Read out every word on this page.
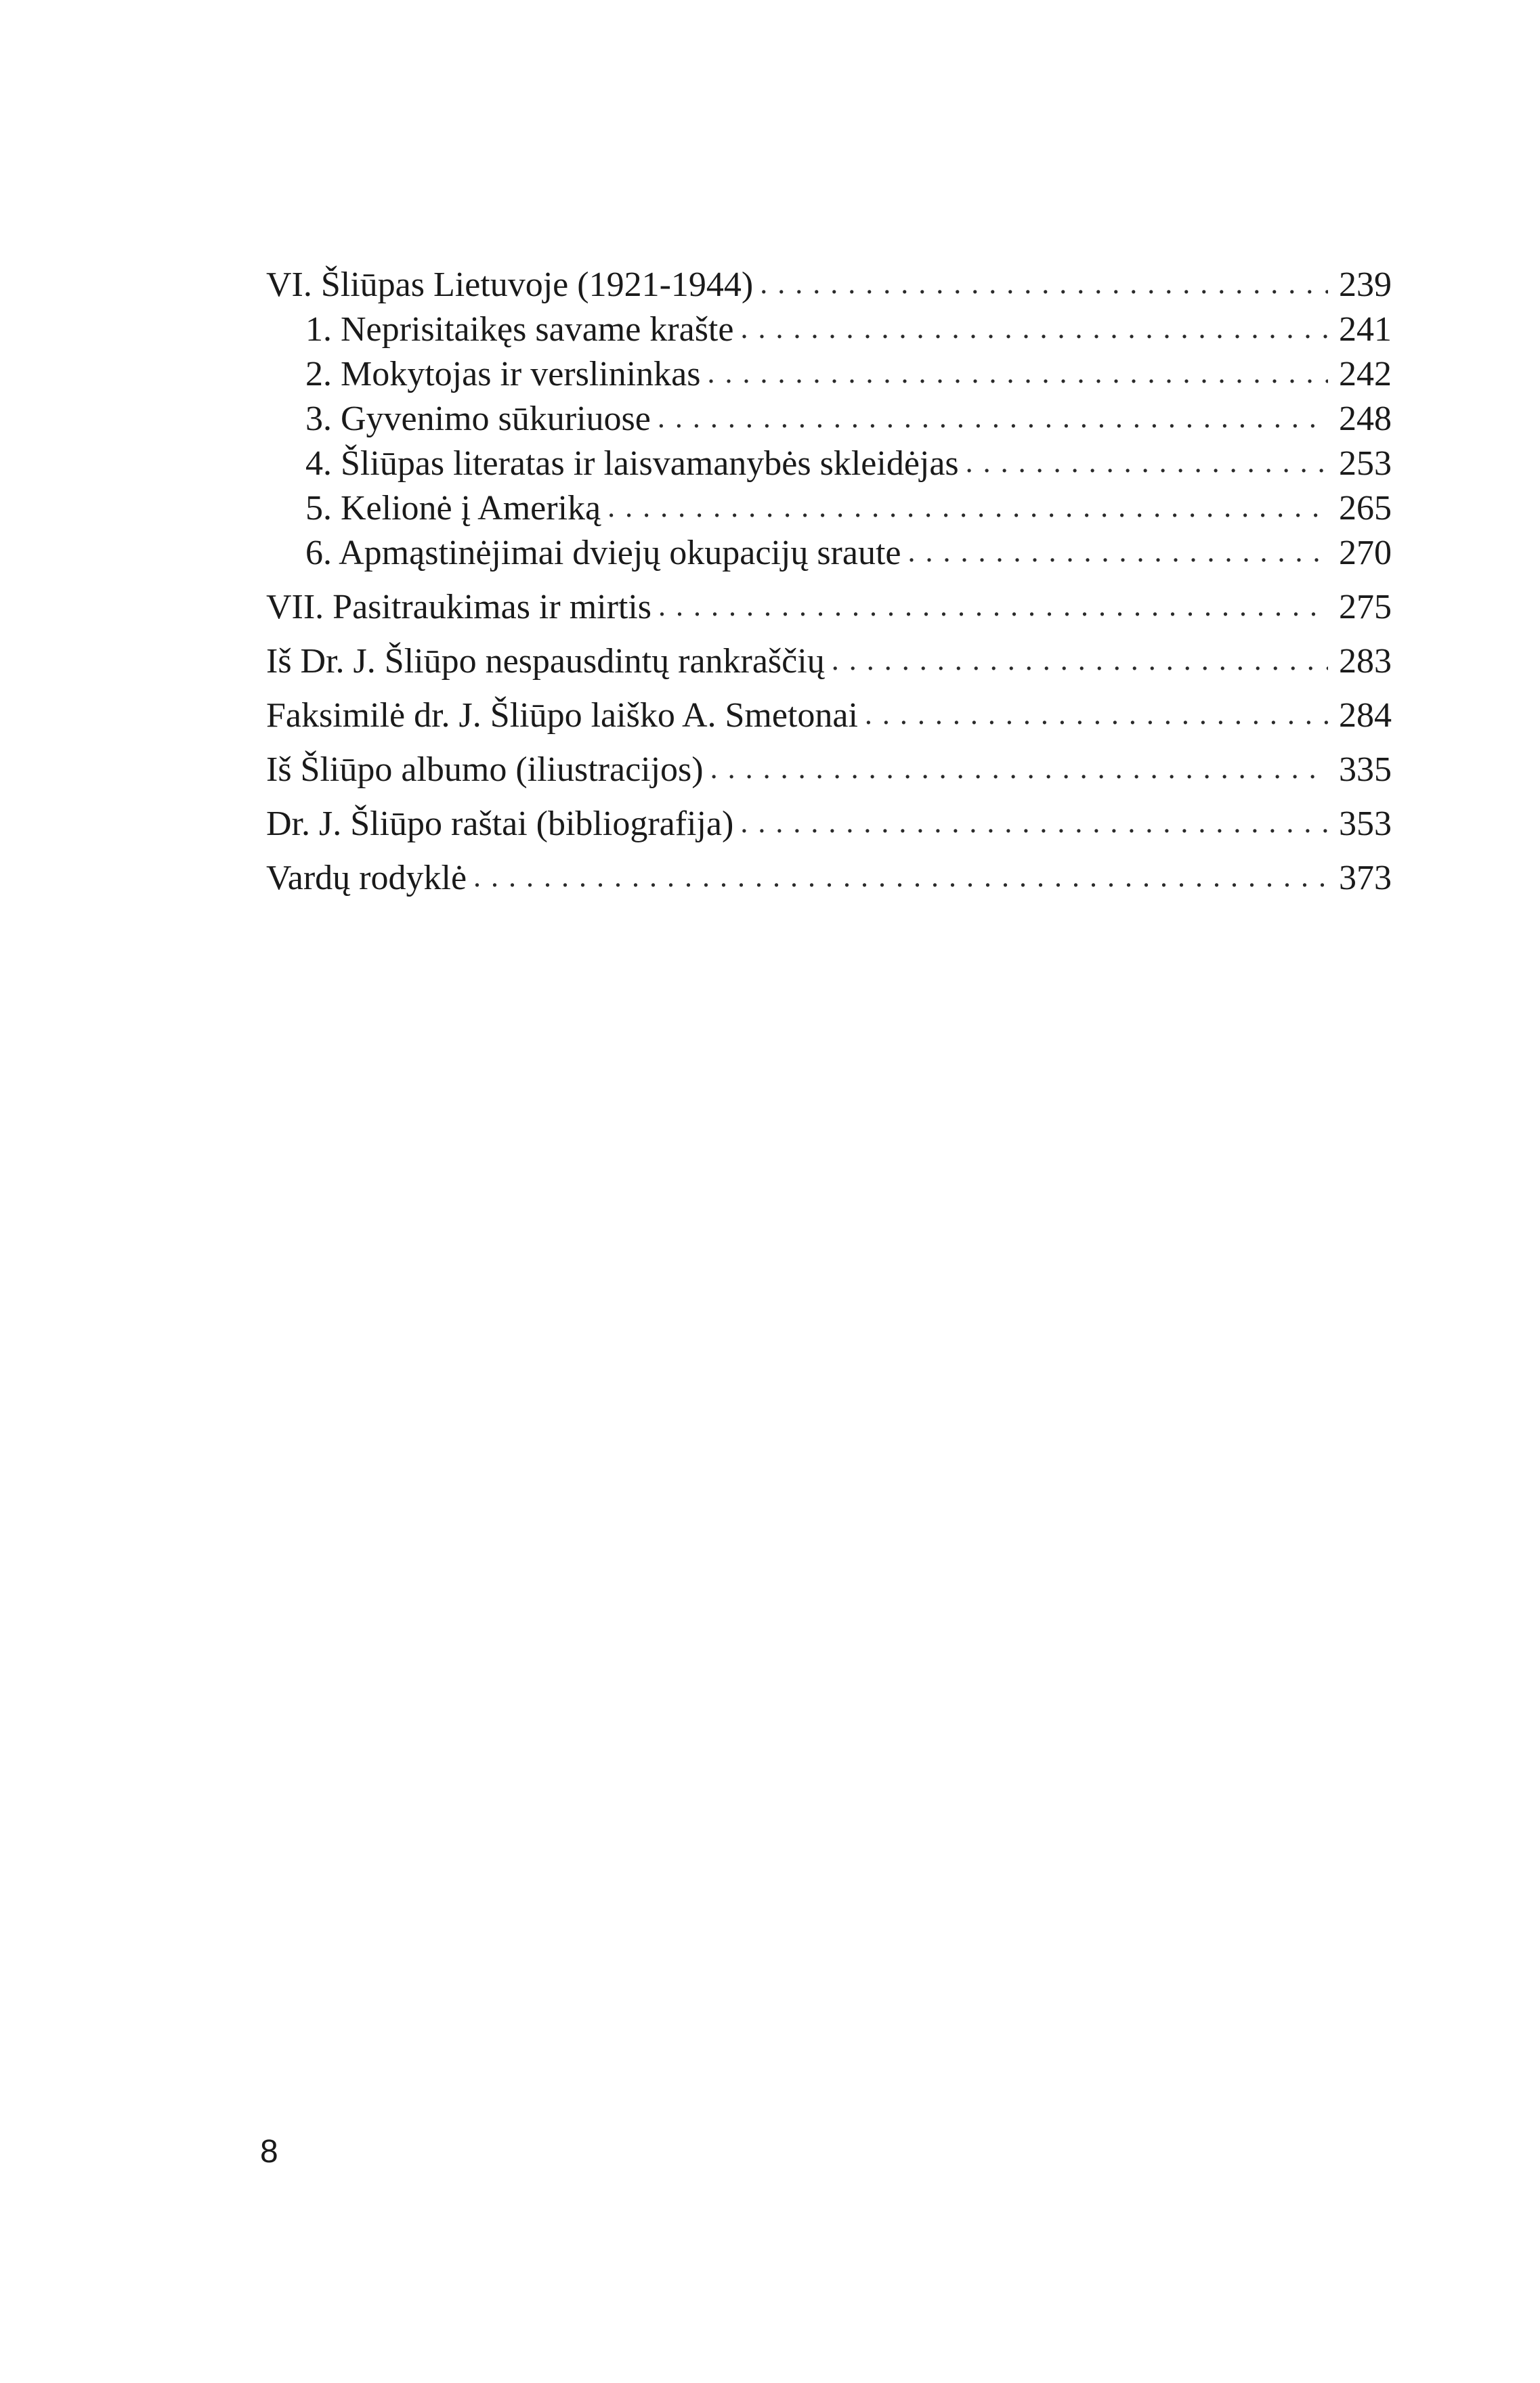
VI. Šliūpas Lietuvoje (1921-1944) . . .	239
1. Neprisitaikęs savame krašte . . .	241
2. Mokytojas ir verslininkas . . .	242
3. Gyvenimo sūkuriuose . . .	248
4. Šliūpas literatas ir laisvamanybės skleidėjas . . .	253
5. Kelionė į Ameriką . . .	265
6. Apmąstinėjimai dviejų okupacijų sraute . . .	270
VII. Pasitraukimas ir mirtis . . .	275
Iš Dr. J. Šliūpo nespausdintų rankraščių . . .	283
Faksimilė dr. J. Šliūpo laiško A. Smetonai . . .	284
Iš Šliūpo albumo (iliustracijos) . . .	335
Dr. J. Šliūpo raštai (bibliografija) . . .	353
Vardų rodyklė . . .	373
8
